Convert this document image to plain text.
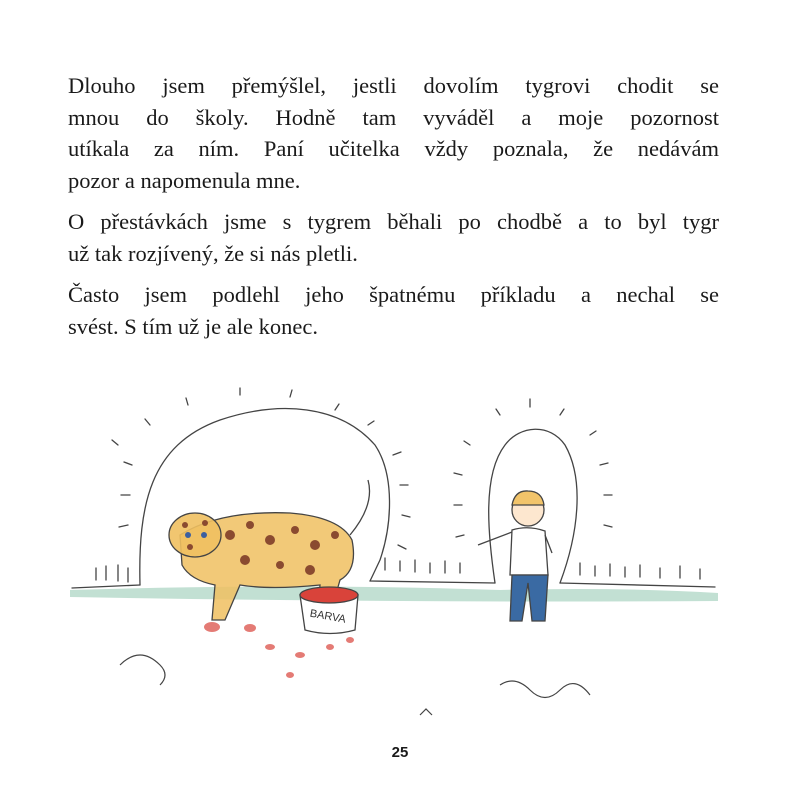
Dlouho jsem přemýšlel, jestli dovolím tygrovi chodit se
mnou do školy. Hodně tam vyváděl a moje pozornost
utíkala za ním. Paní učitelka vždy poznala, že nedávám
pozor a napomenula mne.

O přestávkách jsme s tygrem běhali po chodbě a to byl tygr
už tak rozjívený, že si nás pletli.

Často jsem podlehl jeho špatnému příkladu a nechal se
svést. S tím už je ale konec.

BARVA
25
